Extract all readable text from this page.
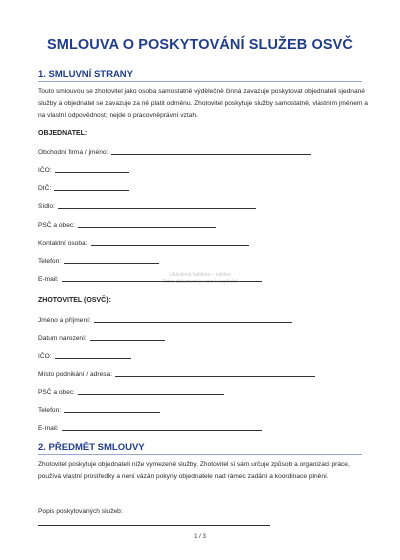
Ukázková šablona – náhled
Tento dokument je vzor k vyplnění
SMLOUVA O POSKYTOVÁNÍ SLUŽEB OSVČ
1. SMLUVNÍ STRANY
Touto smlouvou se zhotovitel jako osoba samostatně výdělečně činná zavazuje poskytovat objednateli sjednané služby a objednatel se zavazuje za ně platit odměnu. Zhotovitel poskytuje služby samostatně, vlastním jménem a na vlastní odpovědnost; nejde o pracovněprávní vztah.
OBJEDNATEL:
Obchodní firma / jméno:
IČO:
DIČ:
Sídlo:
PSČ a obec:
Kontaktní osoba:
Telefon:
E-mail:
ZHOTOVITEL (OSVČ):
Jméno a příjmení:
Datum narození:
IČO:
Místo podnikání / adresa:
PSČ a obec:
Telefon:
E-mail:
2. PŘEDMĚT SMLOUVY
Zhotovitel poskytuje objednateli níže vymezené služby. Zhotovitel si sám určuje způsob a organizaci práce, používá vlastní prostředky a není vázán pokyny objednatele nad rámec zadání a koordinace plnění.
Popis poskytovaných služeb:
1 / 3
